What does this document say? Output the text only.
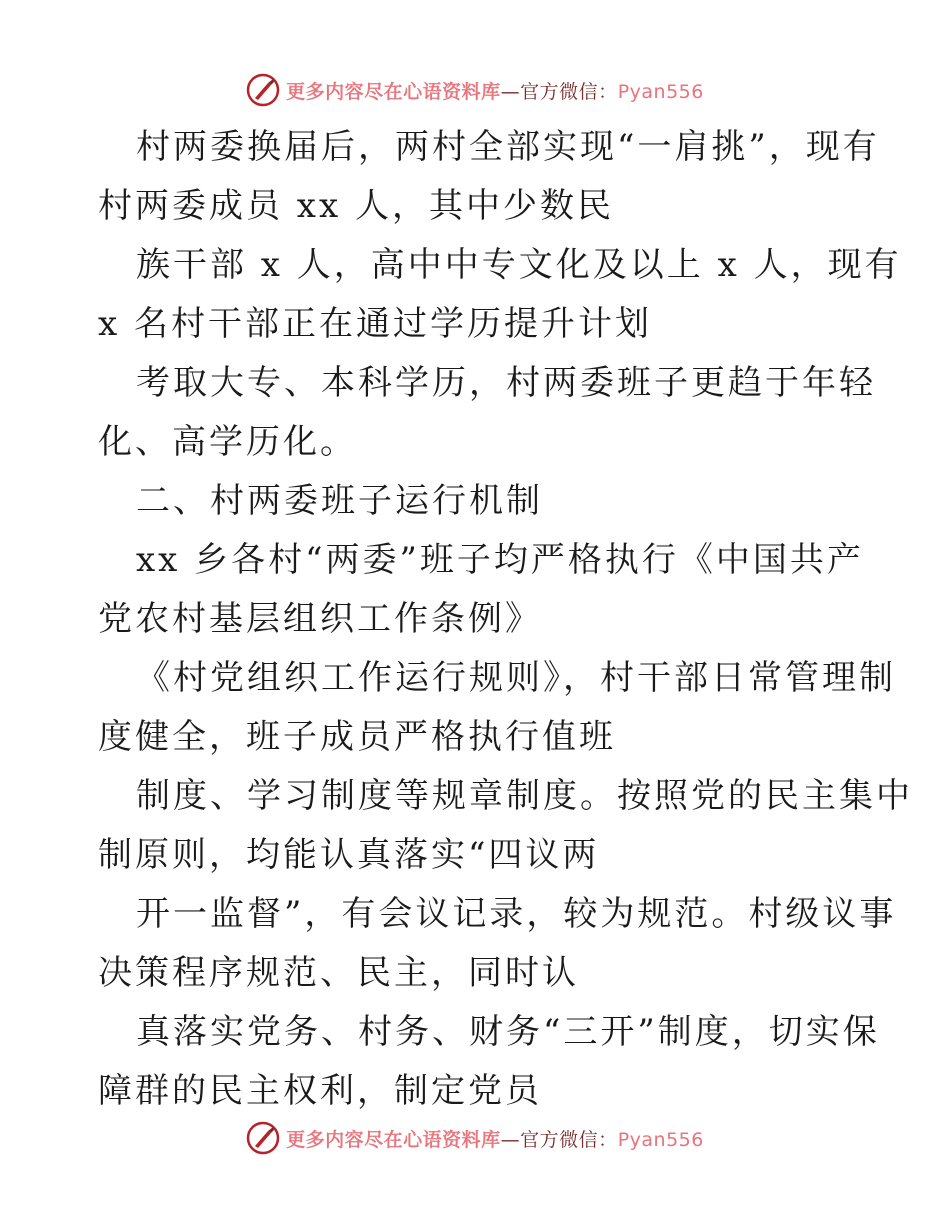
更多内容尽在心语资料库—官方微信：Pyan556
村两委换届后，两村全部实现“一肩挑”，现有
村两委成员 xx 人，其中少数民
族干部 x 人，高中中专文化及以上 x 人，现有
x 名村干部正在通过学历提升计划
考取大专、本科学历，村两委班子更趋于年轻
化、高学历化。
二、村两委班子运行机制
xx 乡各村“两委”班子均严格执行《中国共产
党农村基层组织工作条例》
《村党组织工作运行规则》，村干部日常管理制
度健全，班子成员严格执行值班
制度、学习制度等规章制度。按照党的民主集中
制原则，均能认真落实“四议两
开一监督”，有会议记录，较为规范。村级议事
决策程序规范、民主，同时认
真落实党务、村务、财务“三开”制度，切实保
障群的民主权利，制定党员
更多内容尽在心语资料库—官方微信：Pyan556
